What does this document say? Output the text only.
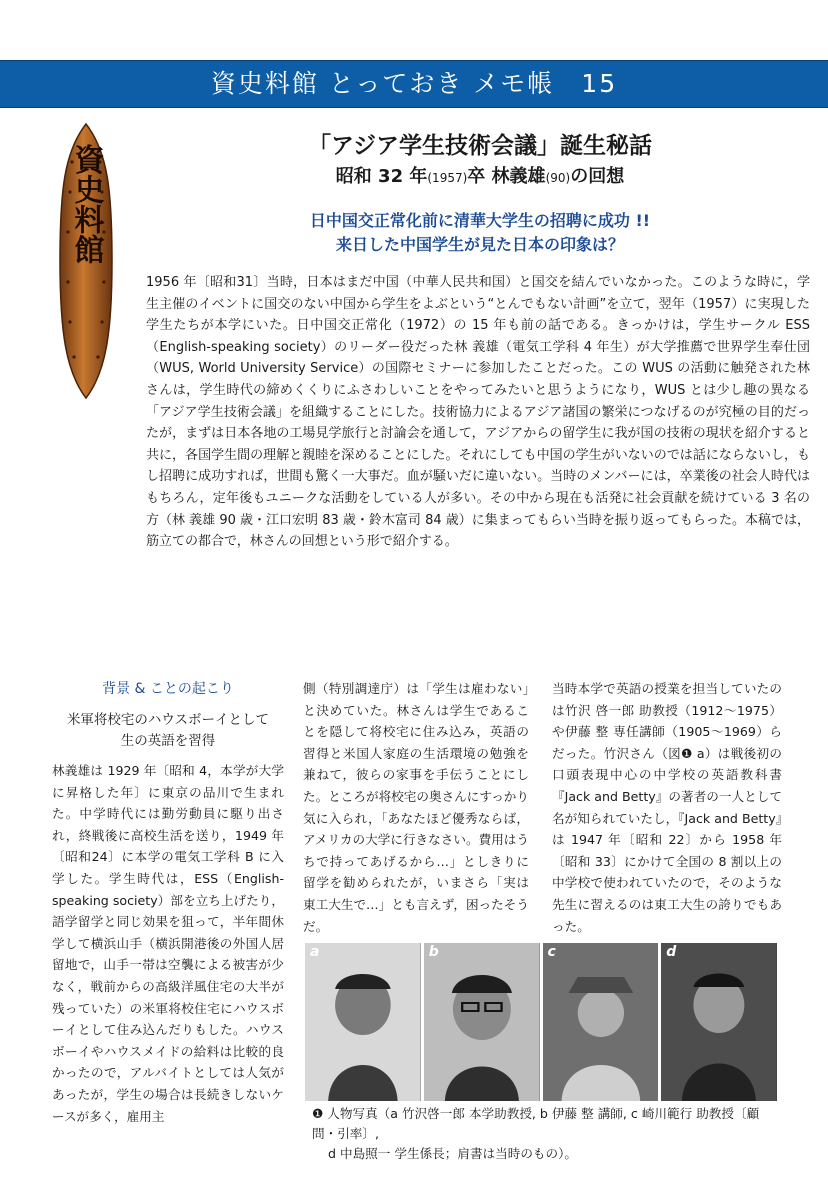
資史料館 とっておき メモ帳　15
資史料館	「アジア学生技術会議」誕生秘話
昭和 32 年(1957)卒 林義雄(90)の回想
日中国交正常化前に清華大学生の招聘に成功 !!
来日した中国学生が見た日本の印象は？
1956 年〔昭和31〕当時，日本はまだ中国（中華人民共和国）と国交を結んでいなかった。このような時に，学生主催のイベントに国交のない中国から学生をよぶという“とんでもない計画”を立て，翌年（1957）に実現した学生たちが本学にいた。日中国交正常化（1972）の 15 年も前の話である。きっかけは，学生サークル ESS（English-speaking society）のリーダー役だった林 義雄（電気工学科 4 年生）が大学推薦で世界学生奉仕団（WUS, World University Service）の国際セミナーに参加したことだった。この WUS の活動に触発された林さんは，学生時代の締めくくりにふさわしいことをやってみたいと思うようになり，WUS とは少し趣の異なる「アジア学生技術会議」を組織することにした。技術協力によるアジア諸国の繁栄につなげるのが究極の目的だったが，まずは日本各地の工場見学旅行と討論会を通して，アジアからの留学生に我が国の技術の現状を紹介すると共に，各国学生間の理解と親睦を深めることにした。それにしても中国の学生がいないのでは話にならないし，もし招聘に成功すれば，世間も驚く一大事だ。血が騒いだに違いない。当時のメンバーには，卒業後の社会人時代はもちろん，定年後もユニークな活動をしている人が多い。その中から現在も活発に社会貢献を続けている 3 名の方（林 義雄 90 歳・江口宏明 83 歳・鈴木富司 84 歳）に集まってもらい当時を振り返ってもらった。本稿では，筋立ての都合で，林さんの回想という形で紹介する。
背景 & ことの起こり
米軍将校宅のハウスボーイとして
生の英語を習得
林義雄は 1929 年〔昭和 4，本学が大学に昇格した年〕に東京の品川で生まれた。中学時代には勤労動員に駆り出され，終戦後に高校生活を送り，1949 年〔昭和24〕に本学の電気工学科 B に入学した。学生時代は，ESS（English-speaking society）部を立ち上げたり，語学留学と同じ効果を狙って，半年間休学して横浜山手（横浜開港後の外国人居留地で，山手一帯は空襲による被害が少なく，戦前からの高級洋風住宅の大半が残っていた）の米軍将校住宅にハウスボーイとして住み込んだりもした。ハウスボーイやハウスメイドの給料は比較的良かったので，アルバイトとしては人気があったが，学生の場合は長続きしないケースが多く，雇用主
側（特別調達庁）は「学生は雇わない」と決めていた。林さんは学生であることを隠して将校宅に住み込み，英語の習得と米国人家庭の生活環境の勉強を兼ねて，彼らの家事を手伝うことにした。ところが将校宅の奥さんにすっかり気に入られ，「あなたほど優秀ならば，アメリカの大学に行きなさい。費用はうちで持ってあげるから…」としきりに留学を勧められたが，いまさら「実は東工大生で…」とも言えず，困ったそうだ。
当時本学で英語の授業を担当していたのは竹沢 啓一郎 助教授（1912～1975）や伊藤 整 専任講師（1905～1969）らだった。竹沢さん（図❶ a）は戦後初の口頭表現中心の中学校の英語教科書『Jack and Betty』の著者の一人として名が知られていたし，『Jack and Betty』は 1947 年〔昭和 22〕から 1958 年〔昭和 33〕にかけて全国の 8 割以上の中学校で使われていたので，そのような先生に習えるのは東工大生の誇りでもあった。
a	b	c	d
❶ 人物写真（a 竹沢啓一郎 本学助教授, b 伊藤 整 講師, c 崎川範行 助教授〔顧問・引率〕,
d 中島照一 学生係長；肩書は当時のもの）。
